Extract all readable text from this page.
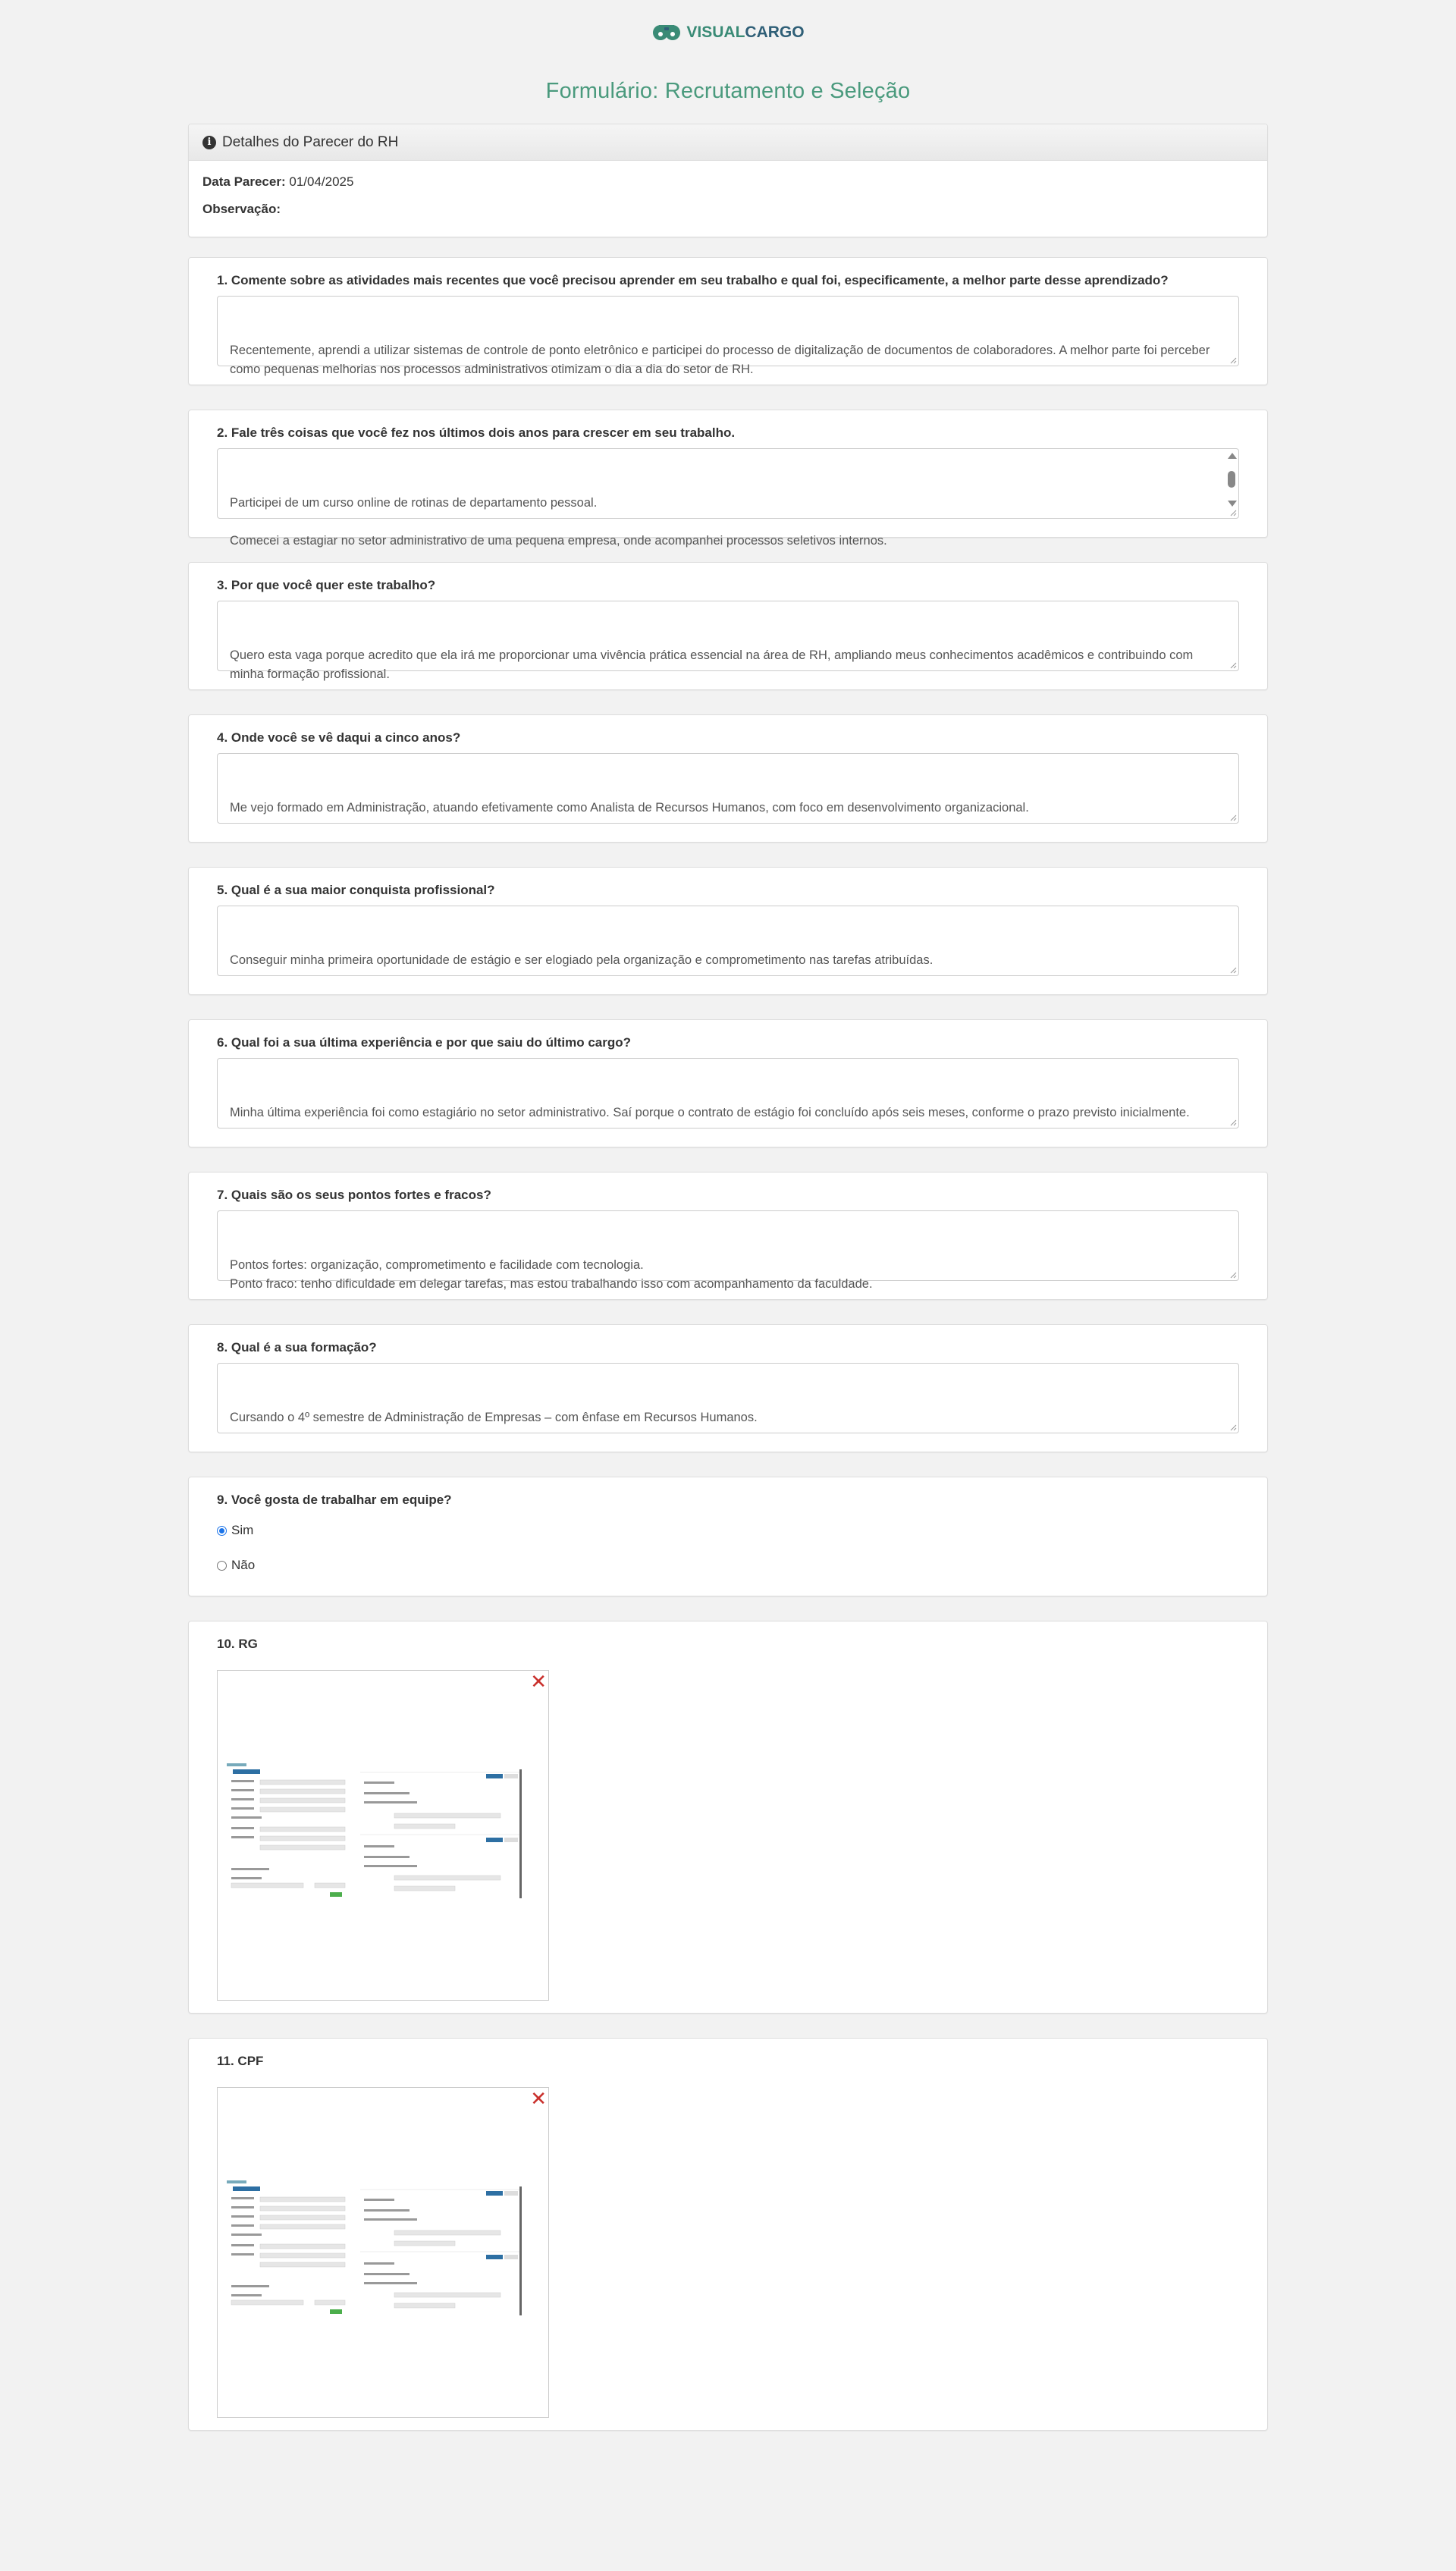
VISUALCARGO
Formulário: Recrutamento e Seleção
i Detalhes do Parecer do RH
Data Parecer: 01/04/2025
Observação:
1. Comente sobre as atividades mais recentes que você precisou aprender em seu trabalho e qual foi, especificamente, a melhor parte desse aprendizado?

Recentemente, aprendi a utilizar sistemas de controle de ponto eletrônico e participei do processo de digitalização de documentos de colaboradores. A melhor parte foi perceber como pequenas melhorias nos processos administrativos otimizam o dia a dia do setor de RH.

2. Fale três coisas que você fez nos últimos dois anos para crescer em seu trabalho.

Participei de um curso online de rotinas de departamento pessoal.

Comecei a estagiar no setor administrativo de uma pequena empresa, onde acompanhei processos seletivos internos.

3. Por que você quer este trabalho?

Quero esta vaga porque acredito que ela irá me proporcionar uma vivência prática essencial na área de RH, ampliando meus conhecimentos acadêmicos e contribuindo com minha formação profissional.

4. Onde você se vê daqui a cinco anos?

Me vejo formado em Administração, atuando efetivamente como Analista de Recursos Humanos, com foco em desenvolvimento organizacional.

5. Qual é a sua maior conquista profissional?

Conseguir minha primeira oportunidade de estágio e ser elogiado pela organização e comprometimento nas tarefas atribuídas.

6. Qual foi a sua última experiência e por que saiu do último cargo?

Minha última experiência foi como estagiário no setor administrativo. Saí porque o contrato de estágio foi concluído após seis meses, conforme o prazo previsto inicialmente.

7. Quais são os seus pontos fortes e fracos?

Pontos fortes: organização, comprometimento e facilidade com tecnologia.
Ponto fraco: tenho dificuldade em delegar tarefas, mas estou trabalhando isso com acompanhamento da faculdade.

8. Qual é a sua formação?

Cursando o 4º semestre de Administração de Empresas – com ênfase em Recursos Humanos.

9. Você gosta de trabalhar em equipe?
Sim
Não
10. RG
✕
11. CPF
✕
